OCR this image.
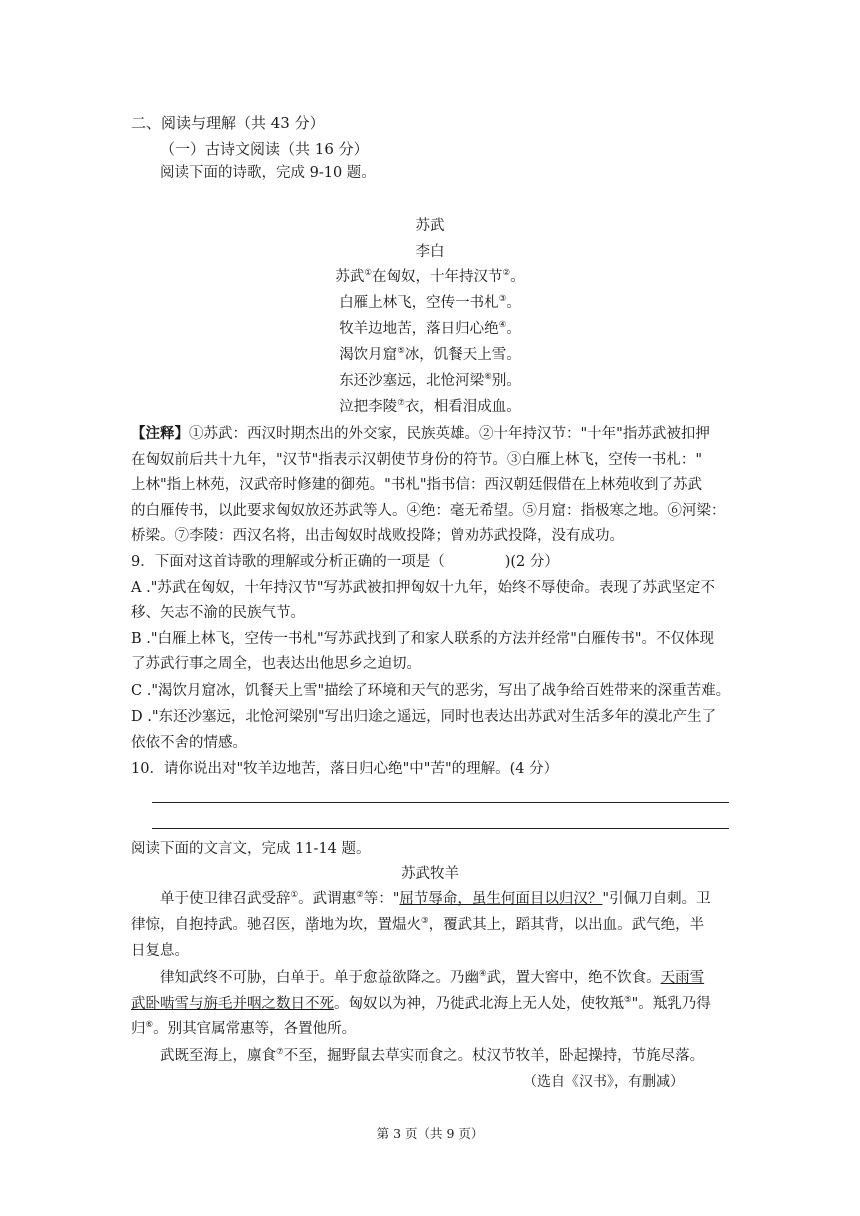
二、阅读与理解（共 43 分）
（一）古诗文阅读（共 16 分）
阅读下面的诗歌，完成 9-10 题。
苏武
李白
苏武①在匈奴，十年持汉节②。
白雁上林飞，空传一书札③。
牧羊边地苦，落日归心绝④。
渴饮月窟⑤冰，饥餐天上雪。
东还沙塞远，北怆河梁⑥别。
泣把李陵⑦衣，相看泪成血。
【注释】①苏武：西汉时期杰出的外交家，民族英雄。②十年持汉节："十年"指苏武被扣押
在匈奴前后共十九年，"汉节"指表示汉朝使节身份的符节。③白雁上林飞，空传一书札："
上林"指上林苑，汉武帝时修建的御苑。"书札"指书信：西汉朝廷假借在上林苑收到了苏武
的白雁传书，以此要求匈奴放还苏武等人。④绝：毫无希望。⑤月窟：指极寒之地。⑥河梁：
桥梁。⑦李陵：西汉名将，出击匈奴时战败投降；曾劝苏武投降，没有成功。
9．下面对这首诗歌的理解或分析正确的一项是（	)(2 分）
A ."苏武在匈奴，十年持汉节"写苏武被扣押匈奴十九年，始终不辱使命。表现了苏武坚定不
移、矢志不渝的民族气节。
B ."白雁上林飞，空传一书札"写苏武找到了和家人联系的方法并经常"白雁传书"。不仅体现
了苏武行事之周全，也表达出他思乡之迫切。
C ."渴饮月窟冰，饥餐天上雪"描绘了环境和天气的恶劣，写出了战争给百姓带来的深重苦难。
D ."东还沙塞远，北怆河梁别"写出归途之遥远，同时也表达出苏武对生活多年的漠北产生了
依依不舍的情感。
10．请你说出对"牧羊边地苦，落日归心绝"中"苦"的理解。(4 分）
阅读下面的文言文，完成 11-14 题。
苏武牧羊
单于使卫律召武受辞①。武谓惠②等："屈节辱命，虽生何面目以归汉？"引佩刀自刺。卫
律惊，自抱持武。驰召医，凿地为坎，置煴火③，覆武其上，蹈其背，以出血。武气绝，半
日复息。
律知武终不可胁，白单于。单于愈益欲降之。乃幽④武，置大窖中，绝不饮食。天雨雪
武卧啮雪与旃毛并咽之数日不死。匈奴以为神，乃徙武北海上无人处，使牧羝⑤"。羝乳乃得
归⑥。别其官属常惠等，各置他所。
武既至海上，廪食⑦不至，掘野鼠去草实而食之。杖汉节牧羊，卧起操持，节旄尽落。
（选自《汉书》，有删减）
第 3 页（共 9 页）
